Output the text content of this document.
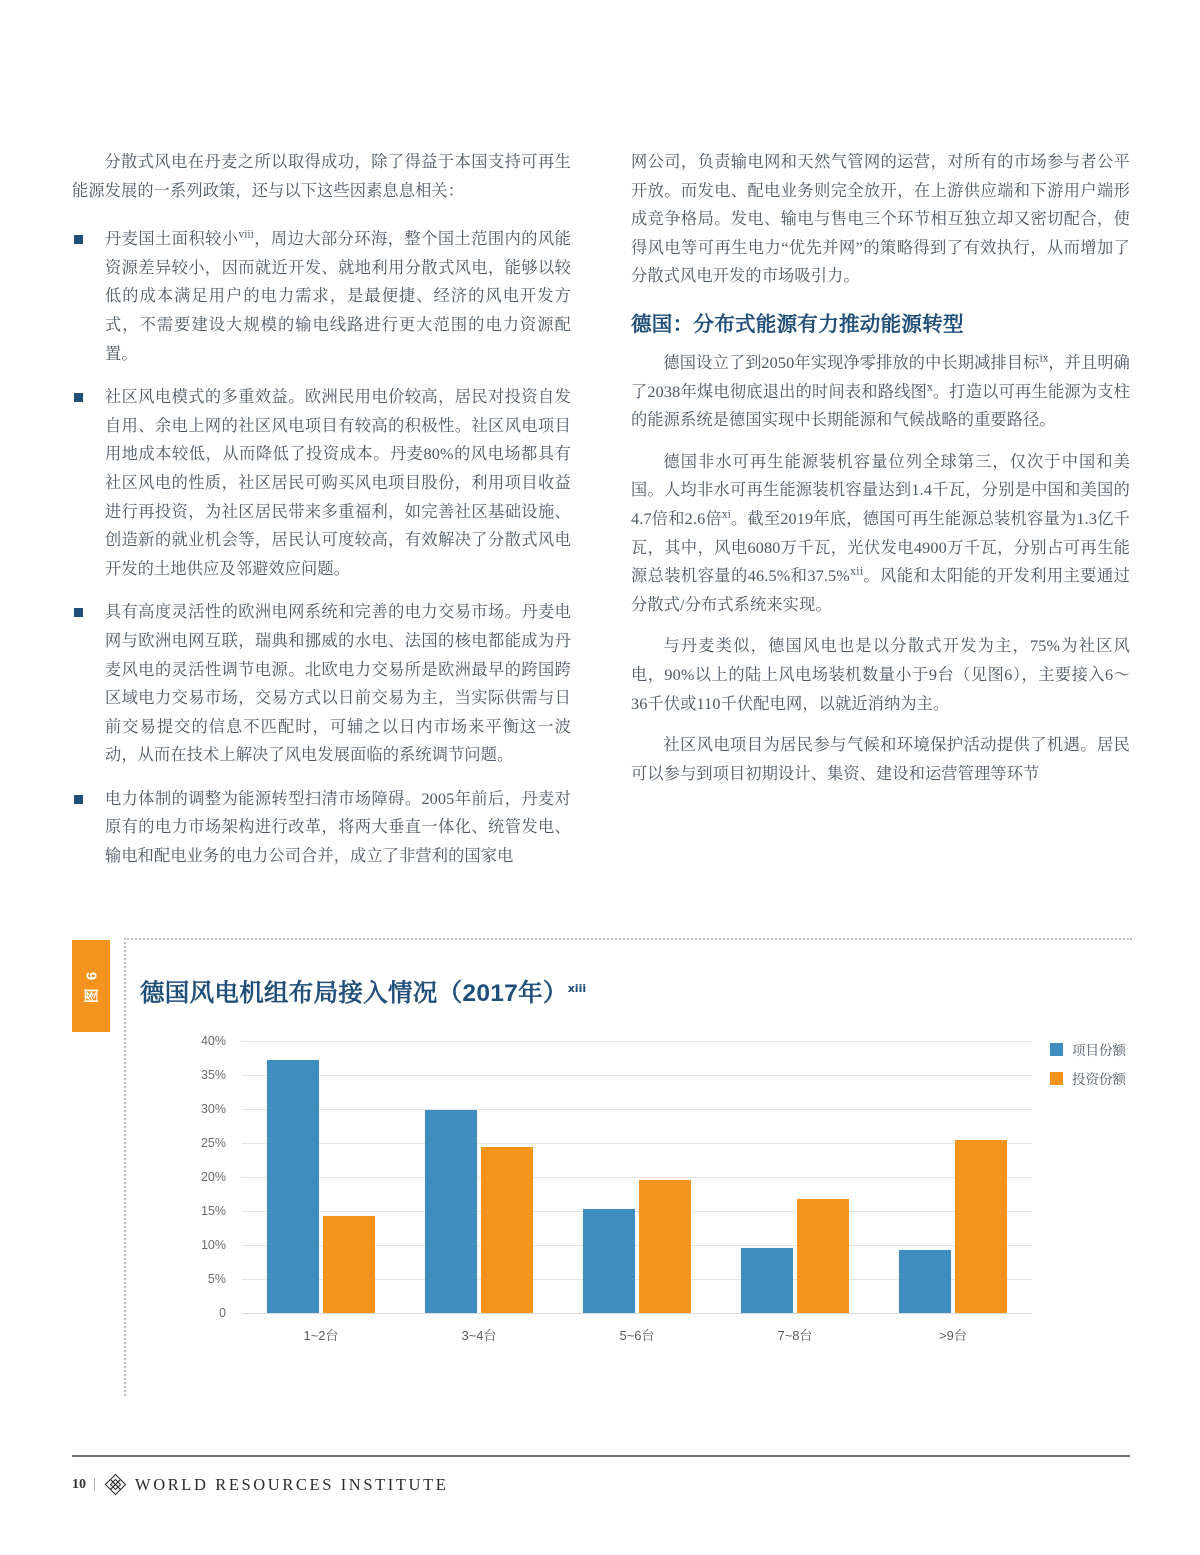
分散式风电在丹麦之所以取得成功，除了得益于本国支持可再生能源发展的一系列政策，还与以下这些因素息息相关：

丹麦国土面积较小$^ⅷ$，周边大部分环海，整个国土范围内的风能资源差异较小，因而就近开发、就地利用分散式风电，能够以较低的成本满足用户的电力需求，是最便捷、经济的风电开发方式，不需要建设大规模的输电线路进行更大范围的电力资源配置。
社区风电模式的多重效益。欧洲民用电价较高，居民对投资自发自用、余电上网的社区风电项目有较高的积极性。社区风电项目用地成本较低，从而降低了投资成本。丹麦80%的风电场都具有社区风电的性质，社区居民可购买风电项目股份，利用项目收益进行再投资，为社区居民带来多重福利，如完善社区基础设施、创造新的就业机会等，居民认可度较高，有效解决了分散式风电开发的土地供应及邻避效应问题。
具有高度灵活性的欧洲电网系统和完善的电力交易市场。丹麦电网与欧洲电网互联，瑞典和挪威的水电、法国的核电都能成为丹麦风电的灵活性调节电源。北欧电力交易所是欧洲最早的跨国跨区域电力交易市场，交易方式以日前交易为主，当实际供需与日前交易提交的信息不匹配时，可辅之以日内市场来平衡这一波动，从而在技术上解决了风电发展面临的系统调节问题。
电力体制的调整为能源转型扫清市场障碍。2005年前后，丹麦对原有的电力市场架构进行改革，将两大垂直一体化、统管发电、输电和配电业务的电力公司合并，成立了非营利的国家电

网公司，负责输电网和天然气管网的运营，对所有的市场参与者公平开放。而发电、配电业务则完全放开，在上游供应端和下游用户端形成竞争格局。发电、输电与售电三个环节相互独立却又密切配合，使得风电等可再生电力“优先并网”的策略得到了有效执行，从而增加了分散式风电开发的市场吸引力。

德国：分布式能源有力推动能源转型

德国设立了到2050年实现净零排放的中长期减排目标$^ⅸ$，并且明确了2038年煤电彻底退出的时间表和路线图$^ⅹ$。打造以可再生能源为支柱的能源系统是德国实现中长期能源和气候战略的重要路径。

德国非水可再生能源装机容量位列全球第三，仅次于中国和美国。人均非水可再生能源装机容量达到1.4千瓦，分别是中国和美国的4.7倍和2.6倍$^{ⅹⅰ}$。截至2019年底，德国可再生能源总装机容量为1.3亿千瓦，其中，风电6080万千瓦，光伏发电4900万千瓦，分别占可再生能源总装机容量的46.5%和37.5%$^{ⅹⅰⅰ}$。风能和太阳能的开发利用主要通过分散式/分布式系统来实现。

与丹麦类似，德国风电也是以分散式开发为主，75%为社区风电，90%以上的陆上风电场装机数量小于9台（见图6），主要接入6～36千伏或110千伏配电网，以就近消纳为主。

社区风电项目为居民参与气候和环境保护活动提供了机遇。居民可以参与到项目初期设计、集资、建设和运营管理等环节

图 6 德国风电机组布局接入情况（2017年）$^{ⅹⅰⅰⅰ}$
0
5%
10%
15%
20%
25%
30%
35%
40%
1~2台	3~4台	5~6台	7~8台	>9台
项目份额
投资份额
10 | WORLD RESOURCES INSTITUTE
